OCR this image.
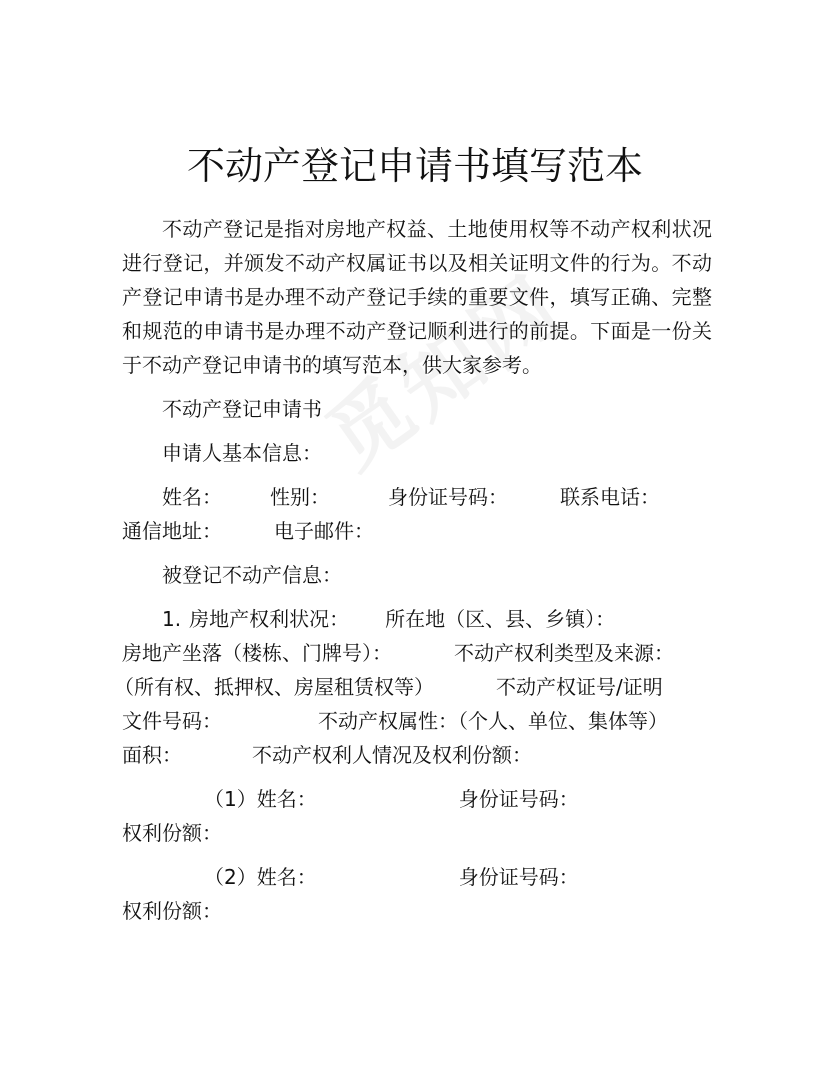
不动产登记申请书填写范本

不动产登记是指对房地产权益、土地使用权等不动产权利状况进行登记，并颁发不动产权属证书以及相关证明文件的行为。不动产登记申请书是办理不动产登记手续的重要文件，填写正确、完整和规范的申请书是办理不动产登记顺利进行的前提。下面是一份关于不动产登记申请书的填写范本，供大家参考。

不动产登记申请书

申请人基本信息：

姓名： 性别：	身份证号码：	联系电话：

通信地址：	电子邮件：

被登记不动产信息：

1. 房地产权利状况： 所在地（区、县、乡镇）：

房地产坐落（楼栋、门牌号）：	不动产权利类型及来源：

（所有权、抵押权、房屋租赁权等）	不动产权证号/证明

文件号码：	不动产权属性：（个人、单位、集体等）

面积：	不动产权利人情况及权利份额：

（1）姓名：	身份证号码：

权利份额：

（2）姓名：	身份证号码：

权利份额：
